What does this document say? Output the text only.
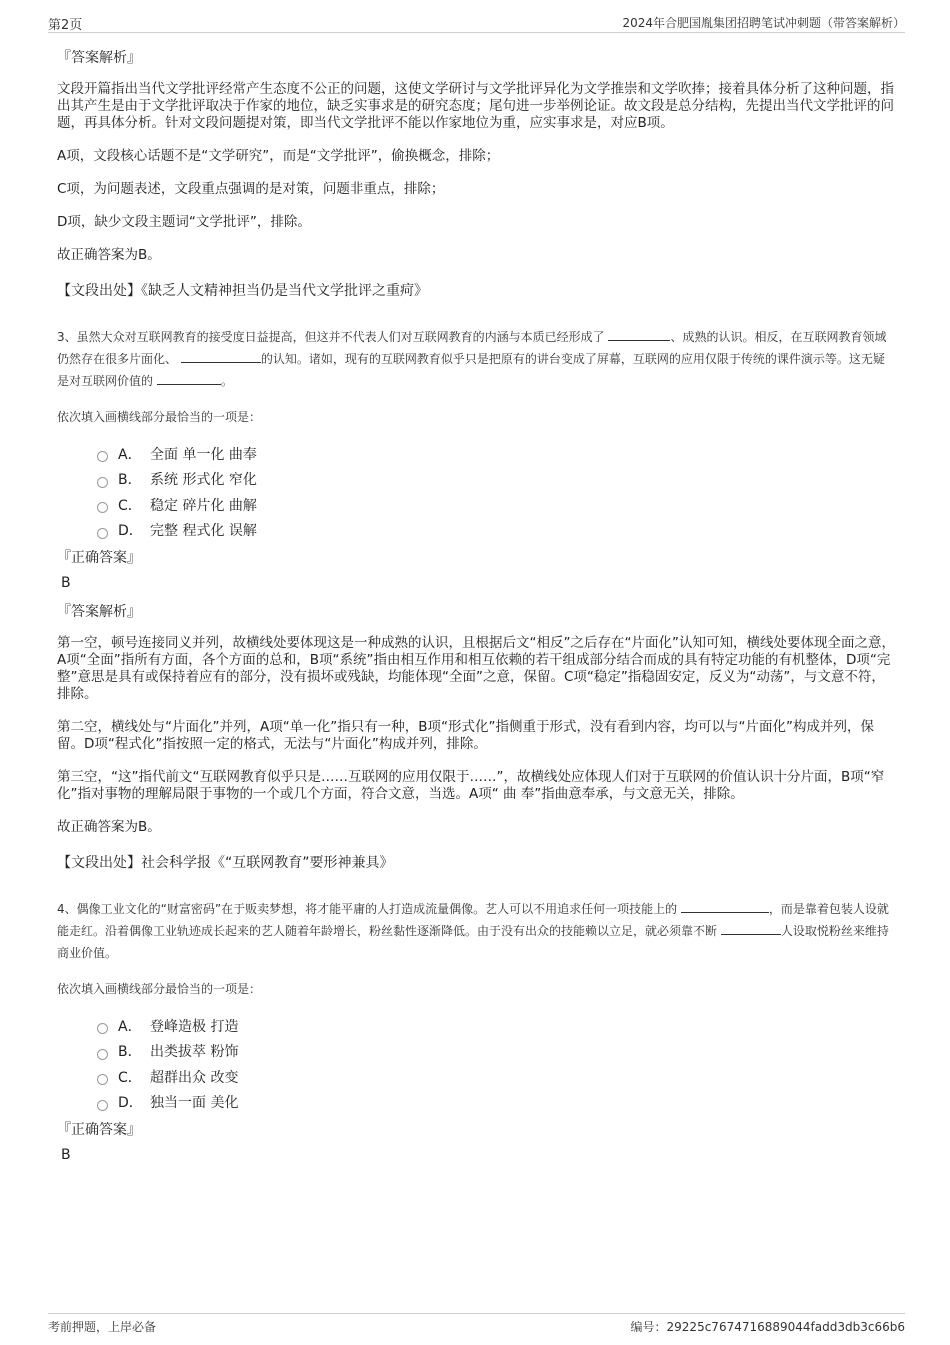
第2页	2024年合肥国胤集团招聘笔试冲刺题（带答案解析）
『答案解析』

文段开篇指出当代文学批评经常产生态度不公正的问题，这使文学研讨与文学批评异化为文学推崇和文学吹捧；接着具体分析了这种问题，指出其产生是由于文学批评取决于作家的地位，缺乏实事求是的研究态度；尾句进一步举例论证。故文段是总分结构，先提出当代文学批评的问题，再具体分析。针对文段问题提对策，即当代文学批评不能以作家地位为重，应实事求是，对应B项。

A项，文段核心话题不是“文学研究”，而是“文学批评”，偷换概念，排除；

C项，为问题表述，文段重点强调的是对策，问题非重点，排除；

D项，缺少文段主题词“文学批评”，排除。

故正确答案为B。

【文段出处】《缺乏人文精神担当仍是当代文学批评之重疴》

3、虽然大众对互联网教育的接受度日益提高，但这并不代表人们对互联网教育的内涵与本质已经形成了	、成熟的认识。相反，在互联网教育领域仍然存在很多片面化、	的认知。诸如，现有的互联网教育似乎只是把原有的讲台变成了屏幕，互联网的应用仅限于传统的课件演示等。这无疑是对互联网价值的	。

依次填入画横线部分最恰当的一项是：
A． 全面 单一化 曲奉
B． 系统 形式化 窄化
C． 稳定 碎片化 曲解
D． 完整 程式化 误解
『正确答案』
B
『答案解析』

第一空，顿号连接同义并列，故横线处要体现这是一种成熟的认识，且根据后文“相反”之后存在“片面化”认知可知，横线处要体现全面之意，A项“全面”指所有方面，各个方面的总和，B项“系统”指由相互作用和相互依赖的若干组成部分结合而成的具有特定功能的有机整体，D项“完整”意思是具有或保持着应有的部分，没有损坏或残缺，均能体现“全面”之意，保留。C项“稳定”指稳固安定，反义为“动荡”，与文意不符，排除。

第二空，横线处与“片面化”并列，A项“单一化”指只有一种，B项“形式化”指侧重于形式，没有看到内容，均可以与“片面化”构成并列，保留。D项“程式化”指按照一定的格式，无法与“片面化”构成并列，排除。

第三空，“这”指代前文“互联网教育似乎只是……互联网的应用仅限于……”，故横线处应体现人们对于互联网的价值认识十分片面，B项“窄化”指对事物的理解局限于事物的一个或几个方面，符合文意，当选。A项“ 曲 奉”指曲意奉承，与文意无关，排除。

故正确答案为B。

【文段出处】社会科学报《“互联网教育”要形神兼具》

4、偶像工业文化的“财富密码”在于贩卖梦想，将才能平庸的人打造成流量偶像。艺人可以不用追求任何一项技能上的	，而是靠着包装人设就能走红。沿着偶像工业轨迹成长起来的艺人随着年龄增长，粉丝黏性逐渐降低。由于没有出众的技能赖以立足，就必须靠不断	人设取悦粉丝来维持商业价值。

依次填入画横线部分最恰当的一项是：
A． 登峰造极 打造
B． 出类拔萃 粉饰
C． 超群出众 改变
D． 独当一面 美化
『正确答案』
B
考前押题，上岸必备	编号：29225c7674716889044fadd3db3c66b6
